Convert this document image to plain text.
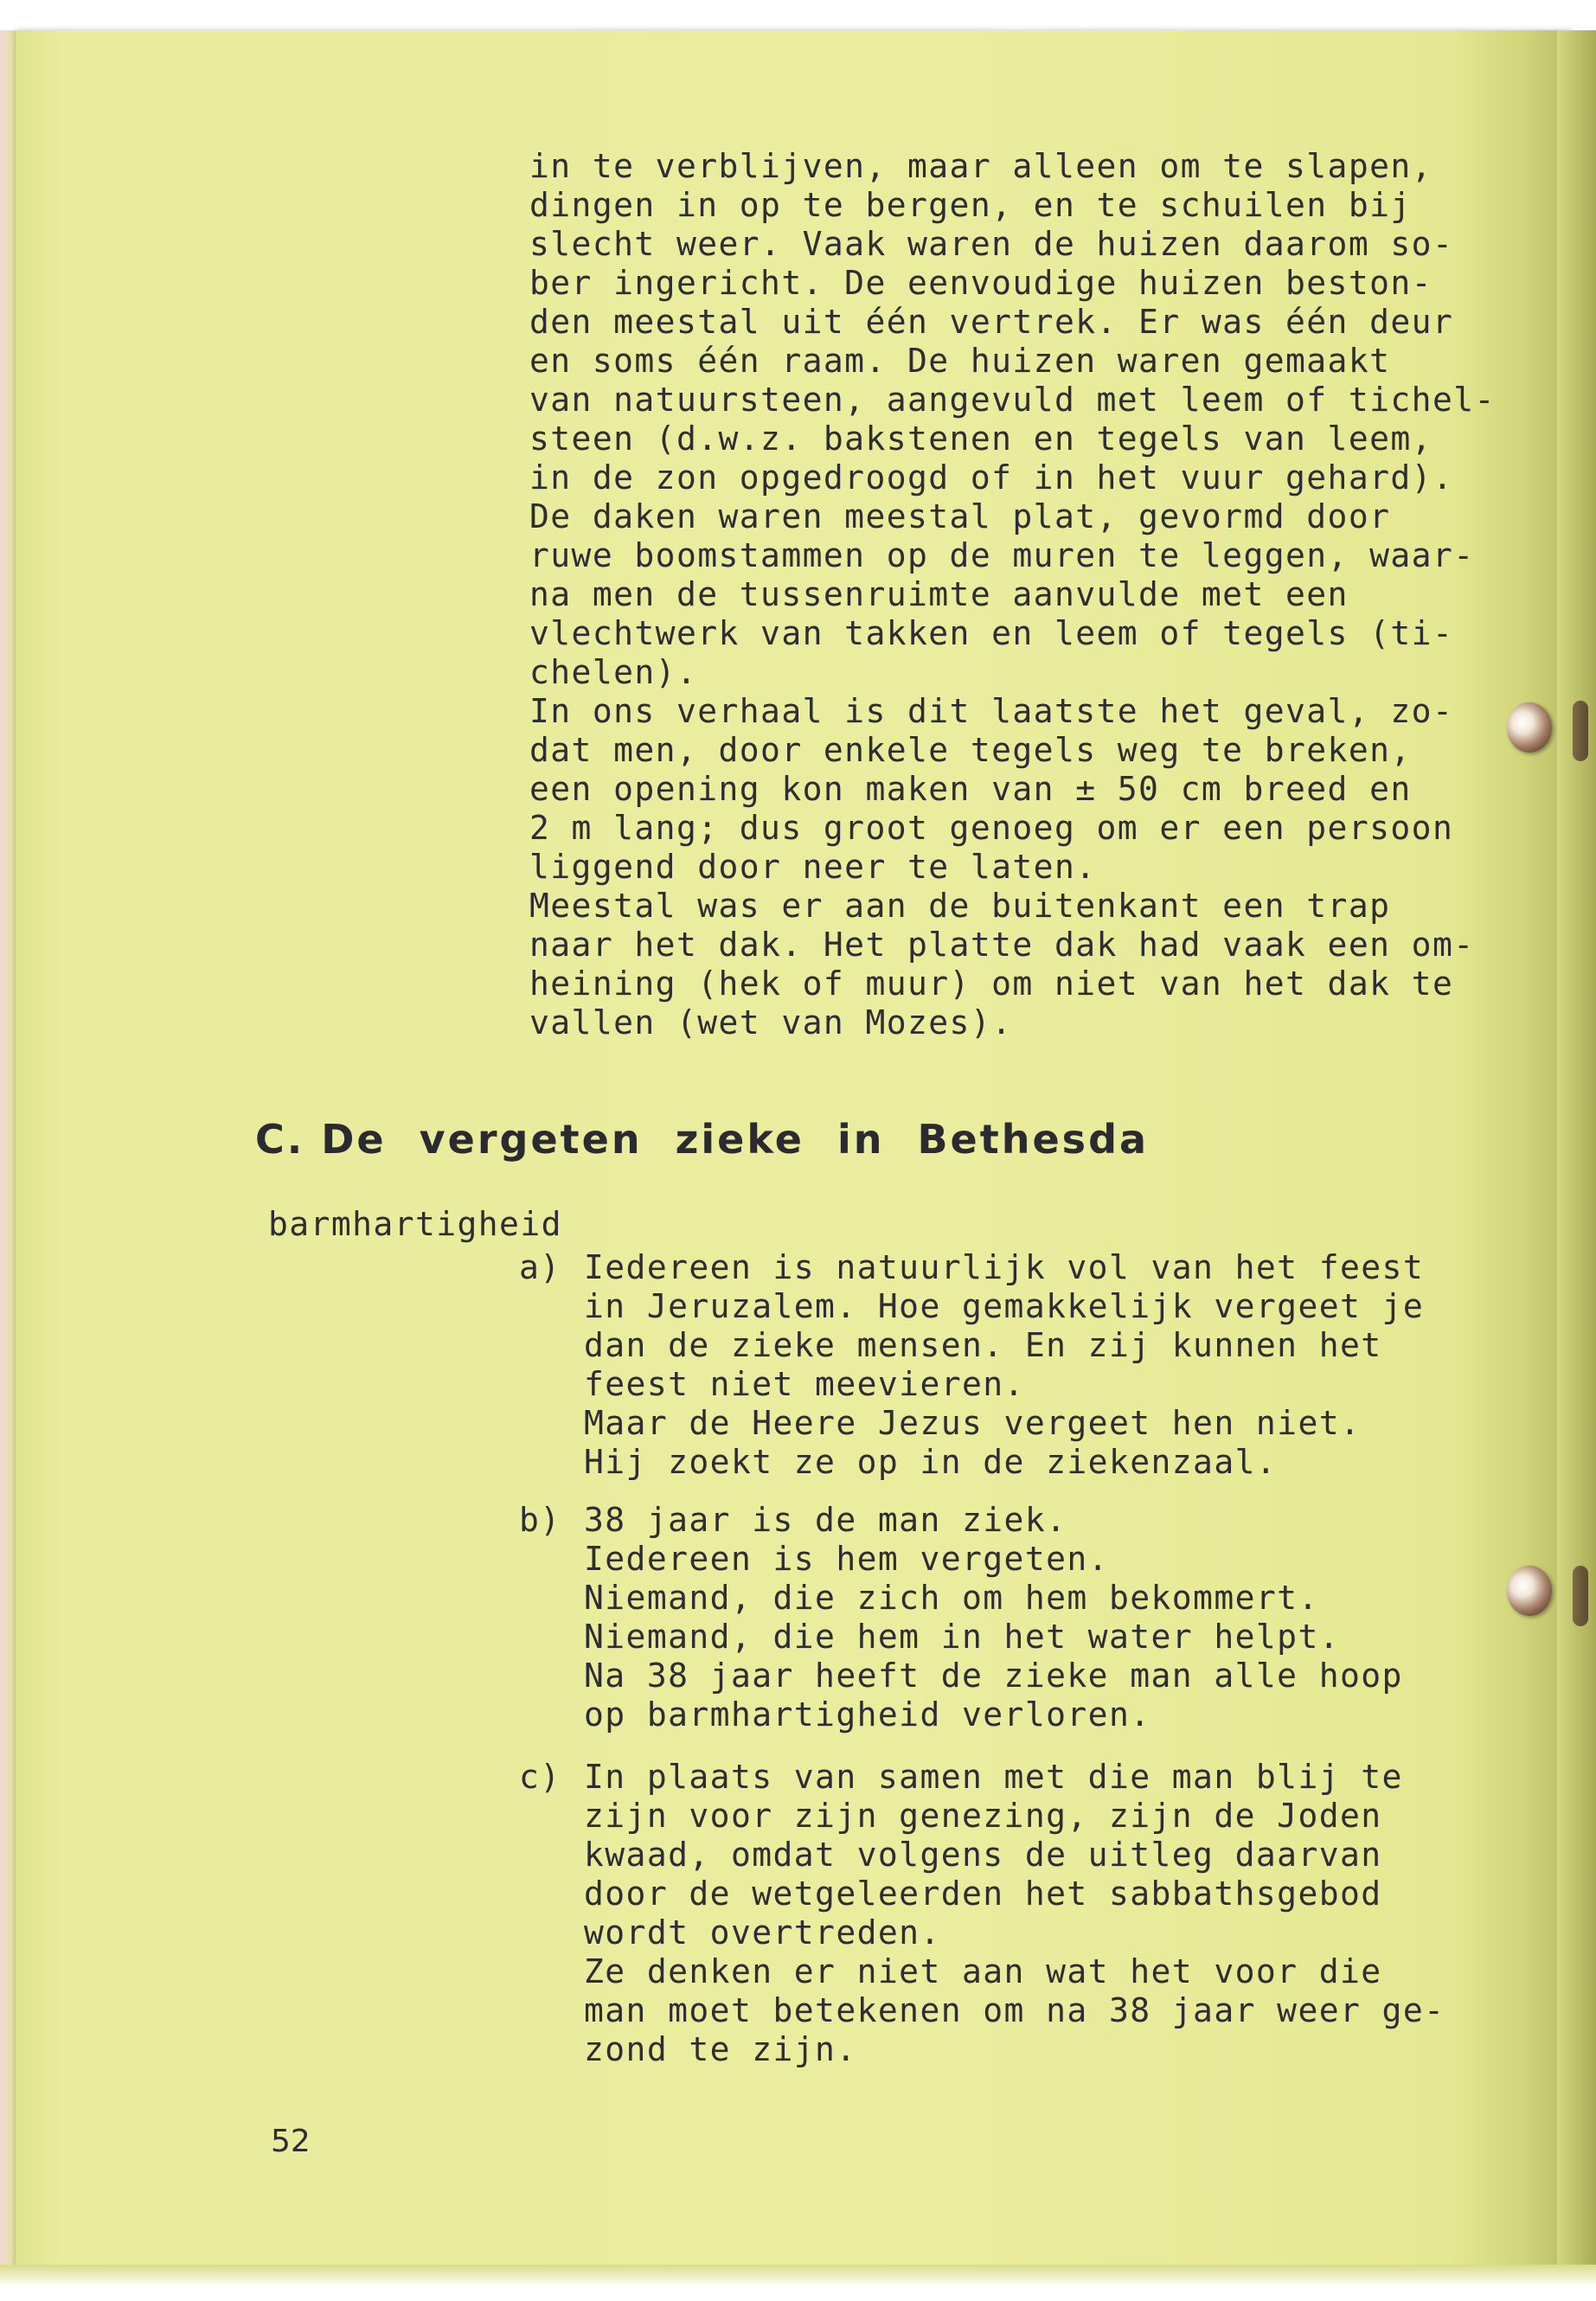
in te verblijven, maar alleen om te slapen,

dingen in op te bergen, en te schuilen bij

slecht weer. Vaak waren de huizen daarom so-

ber ingericht. De eenvoudige huizen beston-

den meestal uit één vertrek. Er was één deur

en soms één raam. De huizen waren gemaakt

van natuursteen, aangevuld met leem of tichel-

steen (d.w.z. bakstenen en tegels van leem,

in de zon opgedroogd of in het vuur gehard).

De daken waren meestal plat, gevormd door

ruwe boomstammen op de muren te leggen, waar-

na men de tussenruimte aanvulde met een

vlechtwerk van takken en leem of tegels (ti-

chelen).

In ons verhaal is dit laatste het geval, zo-

dat men, door enkele tegels weg te breken,

een opening kon maken van ± 50 cm breed en

2 m lang; dus groot genoeg om er een persoon

liggend door neer te laten.

Meestal was er aan de buitenkant een trap

naar het dak. Het platte dak had vaak een om-

heining (hek of muur) om niet van het dak te

vallen (wet van Mozes).

C. De  vergeten  zieke  in  Bethesda

barmhartigheid

a) Iedereen is natuurlijk vol van het feest

in Jeruzalem. Hoe gemakkelijk vergeet je

dan de zieke mensen. En zij kunnen het

feest niet meevieren.

Maar de Heere Jezus vergeet hen niet.

Hij zoekt ze op in de ziekenzaal.

b) 38 jaar is de man ziek.

Iedereen is hem vergeten.

Niemand, die zich om hem bekommert.

Niemand, die hem in het water helpt.

Na 38 jaar heeft de zieke man alle hoop

op barmhartigheid verloren.

c) In plaats van samen met die man blij te

zijn voor zijn genezing, zijn de Joden

kwaad, omdat volgens de uitleg daarvan

door de wetgeleerden het sabbathsgebod

wordt overtreden.

Ze denken er niet aan wat het voor die

man moet betekenen om na 38 jaar weer ge-

zond te zijn.

52
